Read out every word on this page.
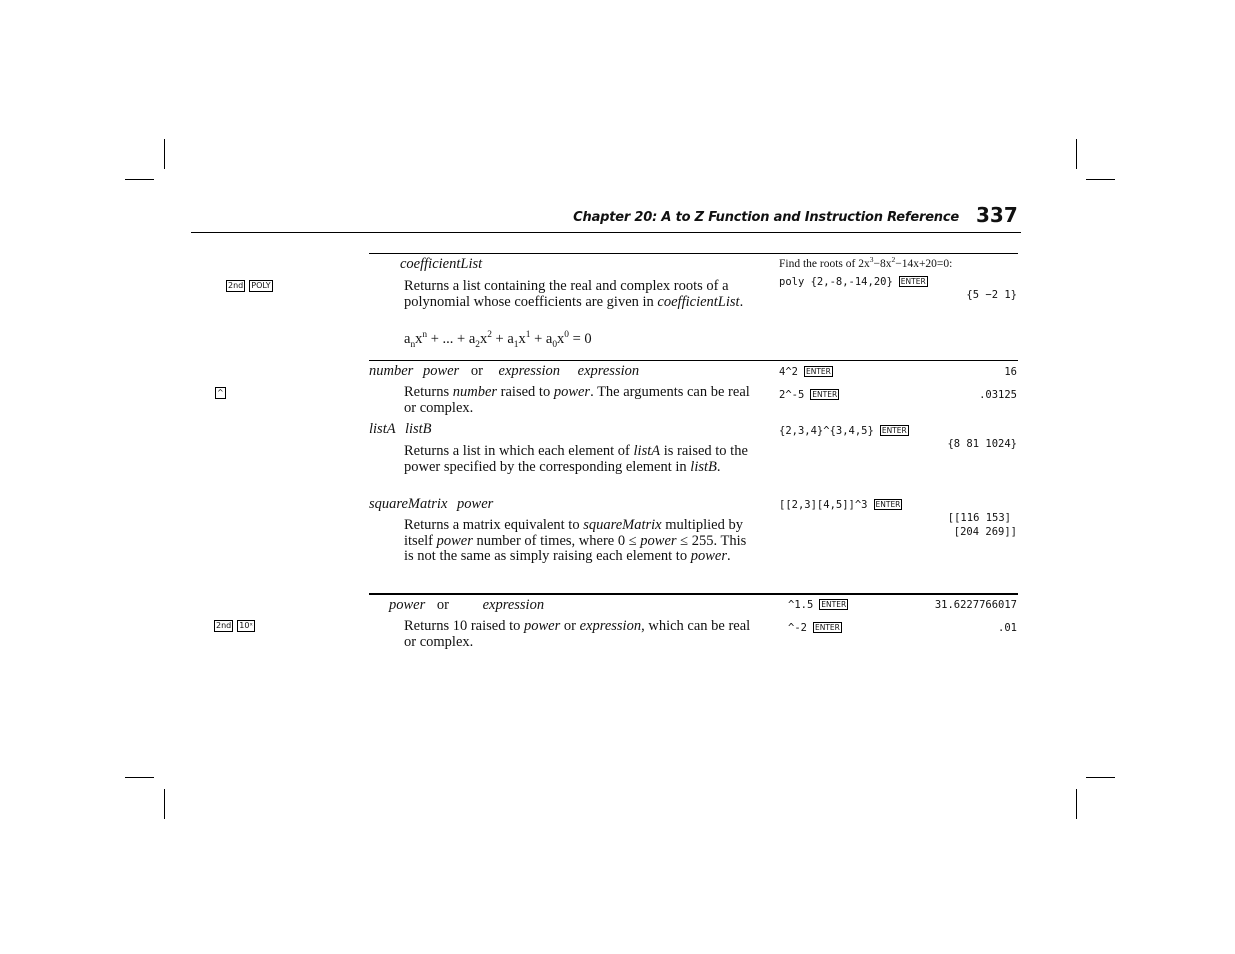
Chapter 20: A to Z Function and Instruction Reference 337
coefficientList
2nd POLY	Returns a list containing the real and complex roots of a polynomial whose coefficients are given in coefficientList.
$a_nx^n$ + ... + $a_2x^2 + a_1x^1 + a_0x^0 = 0$
Find the roots of $2x^3-8x^2-14x+20=0$:
poly {2,-8,-14,20} ENTER
{5 −2 1}
number power or expression expression
^	Returns number raised to power. The arguments can be real or complex.
listA listB
Returns a list in which each element of listA is raised to the power specified by the corresponding element in listB.
squareMatrix power
Returns a matrix equivalent to squareMatrix multiplied by itself power number of times, where 0 ≤ power ≤ 255. This is not the same as simply raising each element to power.
4^2 ENTER	16
2^-5 ENTER	.03125
{2,3,4}^{3,4,5} ENTER
{8 81 1024}
[[2,3][4,5]]^3 ENTER
[[116 153]
[204 269]]
power or expression
2nd 10ˣ	Returns 10 raised to power or expression, which can be real or complex.
^1.5 ENTER	31.6227766017
^-2 ENTER	.01
